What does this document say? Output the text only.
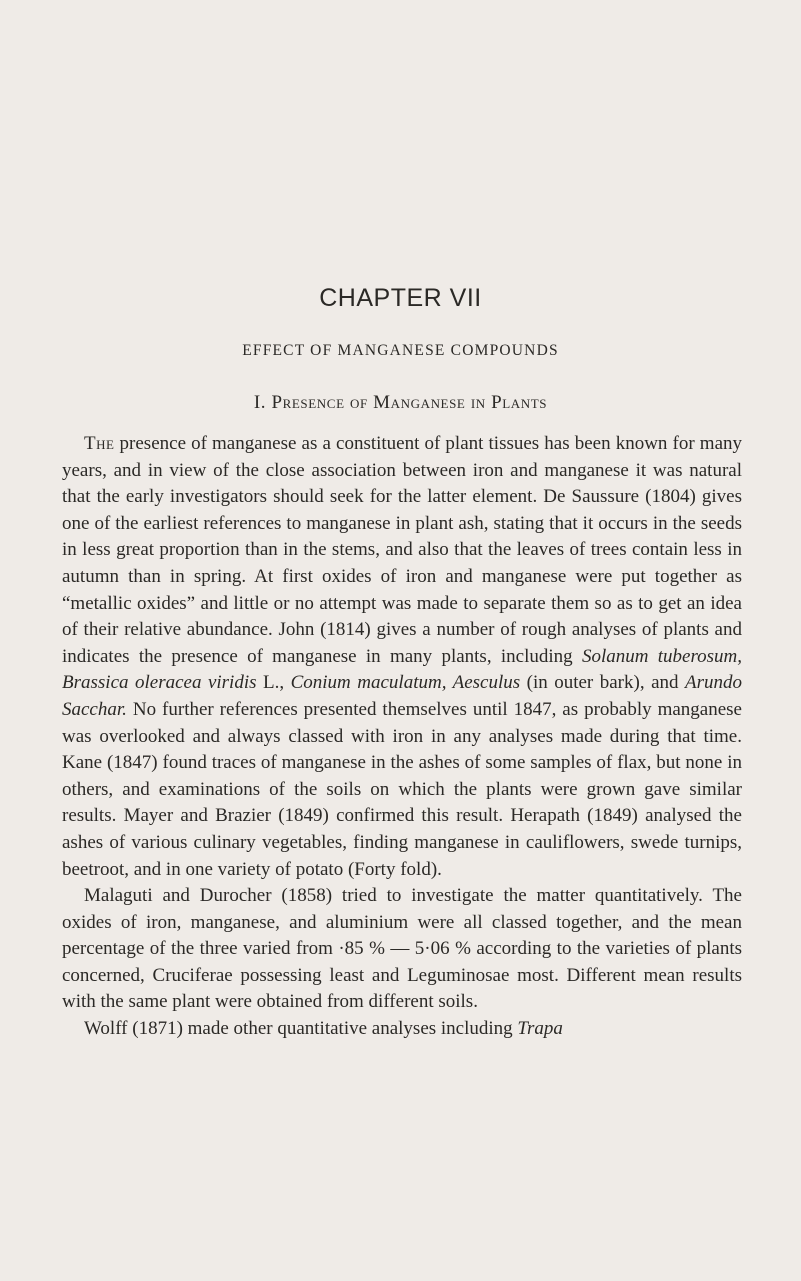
CHAPTER VII
EFFECT OF MANGANESE COMPOUNDS
I. Presence of Manganese in Plants

The presence of manganese as a constituent of plant tissues has been known for many years, and in view of the close association between iron and manganese it was natural that the early investigators should seek for the latter element. De Saussure (1804) gives one of the earliest references to manganese in plant ash, stating that it occurs in the seeds in less great proportion than in the stems, and also that the leaves of trees contain less in autumn than in spring. At first oxides of iron and manganese were put together as “metallic oxides” and little or no attempt was made to separate them so as to get an idea of their relative abundance. John (1814) gives a number of rough analyses of plants and indicates the presence of manganese in many plants, including Solanum tuberosum, Brassica oleracea viridis L., Conium maculatum, Aesculus (in outer bark), and Arundo Sacchar. No further references presented themselves until 1847, as probably manganese was overlooked and always classed with iron in any analyses made during that time. Kane (1847) found traces of manganese in the ashes of some samples of flax, but none in others, and examinations of the soils on which the plants were grown gave similar results. Mayer and Brazier (1849) confirmed this result. Herapath (1849) analysed the ashes of various culinary vegetables, finding manganese in cauliflowers, swede turnips, beetroot, and in one variety of potato (Forty fold).

Malaguti and Durocher (1858) tried to investigate the matter quantitatively. The oxides of iron, manganese, and aluminium were all classed together, and the mean percentage of the three varied from ·85 % — 5·06 % according to the varieties of plants concerned, Cruciferae possessing least and Leguminosae most. Different mean results with the same plant were obtained from different soils.

Wolff (1871) made other quantitative analyses including Trapa
